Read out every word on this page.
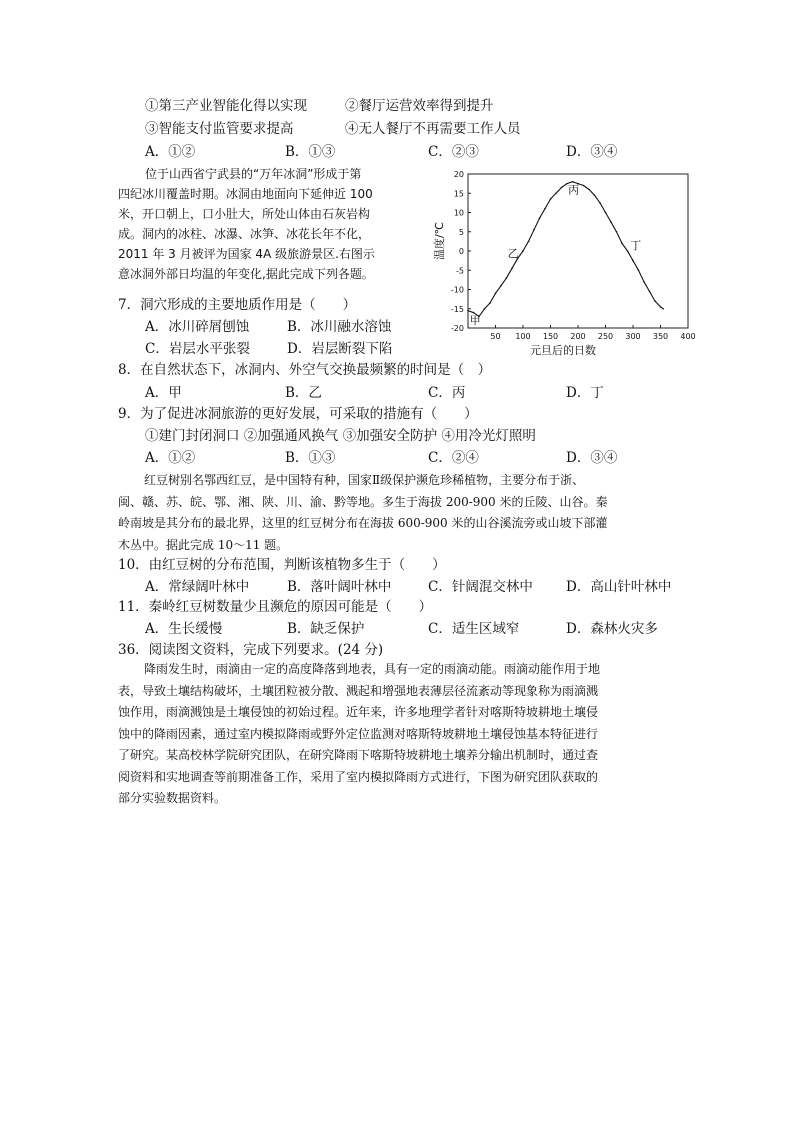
①第三产业智能化得以实现	②餐厅运营效率得到提升
③智能支付监管要求提高	④无人餐厅不再需要工作人员
A．①②	B．①③	C．②③	D．③④
位于山西省宁武县的“万年冰洞”形成于第
四纪冰川覆盖时期。冰洞由地面向下延伸近 100
米，开口朝上，口小肚大，所处山体由石灰岩构
成。洞内的冰柱、冰瀑、冰笋、冰花长年不化，
2011 年 3 月被评为国家 4A 级旅游景区.右图示
意冰洞外部日均温的年变化,据此完成下列各题。
50 100 150 200 250 300 350 400
20
15
10
5
0
-5
-10
-15
-20
元旦后的日数
温度/℃
甲
乙
丙
丁
7．洞穴形成的主要地质作用是（　　）
A．冰川碎屑刨蚀	B．冰川融水溶蚀
C．岩层水平张裂	D．岩层断裂下陷
8．在自然状态下，冰洞内、外空气交换最频繁的时间是（　）
A．甲	B．乙	C．丙	D．丁
9．为了促进冰洞旅游的更好发展，可采取的措施有（　　）
①建门封闭洞口 ②加强通风换气 ③加强安全防护 ④用冷光灯照明
A．①②	B．①③	C．②④	D．③④
红豆树别名鄂西红豆，是中国特有种，国家Ⅱ级保护濒危珍稀植物，主要分布于浙、
闽、赣、苏、皖、鄂、湘、陕、川、渝、黔等地。多生于海拔 200-900 米的丘陵、山谷。秦
岭南坡是其分布的最北界，这里的红豆树分布在海拔 600-900 米的山谷溪流旁或山坡下部灌
木丛中。据此完成 10～11 题。
10．由红豆树的分布范围，判断该植物多生于（　　）
A．常绿阔叶林中	B．落叶阔叶林中	C．针阔混交林中 D．高山针叶林中
11．秦岭红豆树数量少且濒危的原因可能是（　　）
A．生长缓慢	B．缺乏保护	C．适生区域窄	D．森林火灾多
36．阅读图文资料，完成下列要求。(24 分)
降雨发生时，雨滴由一定的高度降落到地表，具有一定的雨滴动能。雨滴动能作用于地
表，导致土壤结构破坏，土壤团粒被分散、溅起和增强地表薄层径流紊动等现象称为雨滴溅
蚀作用，雨滴溅蚀是土壤侵蚀的初始过程。近年来，许多地理学者针对喀斯特坡耕地土壤侵
蚀中的降雨因素，通过室内模拟降雨或野外定位监测对喀斯特坡耕地土壤侵蚀基本特征进行
了研究。某高校林学院研究团队，在研究降雨下喀斯特坡耕地土壤养分输出机制时，通过查
阅资料和实地调查等前期准备工作，采用了室内模拟降雨方式进行，下图为研究团队获取的
部分实验数据资料。
